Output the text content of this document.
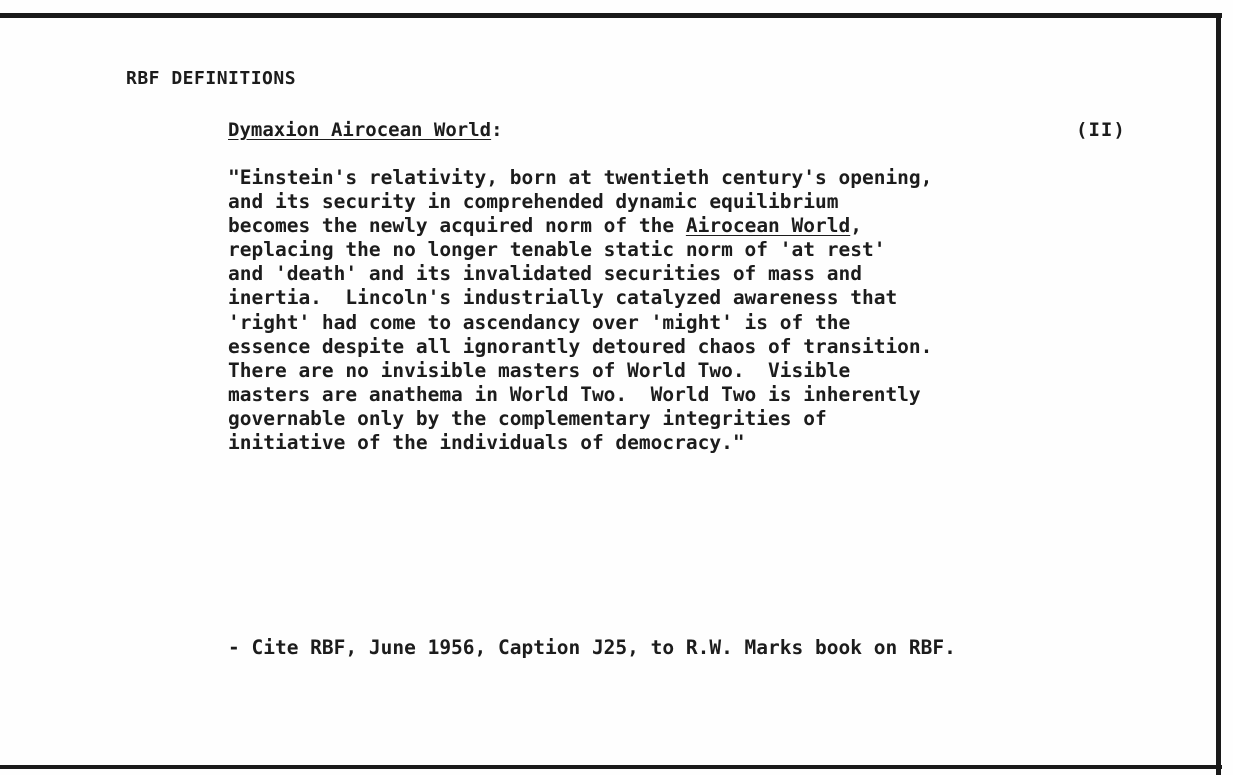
RBF DEFINITIONS
Dymaxion Airocean World:	(II)
"Einstein's relativity, born at twentieth century's opening,
and its security in comprehended dynamic equilibrium
becomes the newly acquired norm of the Airocean World,
replacing the no longer tenable static norm of 'at rest'
and 'death' and its invalidated securities of mass and
inertia.  Lincoln's industrially catalyzed awareness that
'right' had come to ascendancy over 'might' is of the
essence despite all ignorantly detoured chaos of transition.
There are no invisible masters of World Two.  Visible
masters are anathema in World Two.  World Two is inherently
governable only by the complementary integrities of
initiative of the individuals of democracy."
- Cite RBF, June 1956, Caption J25, to R.W. Marks book on RBF.
